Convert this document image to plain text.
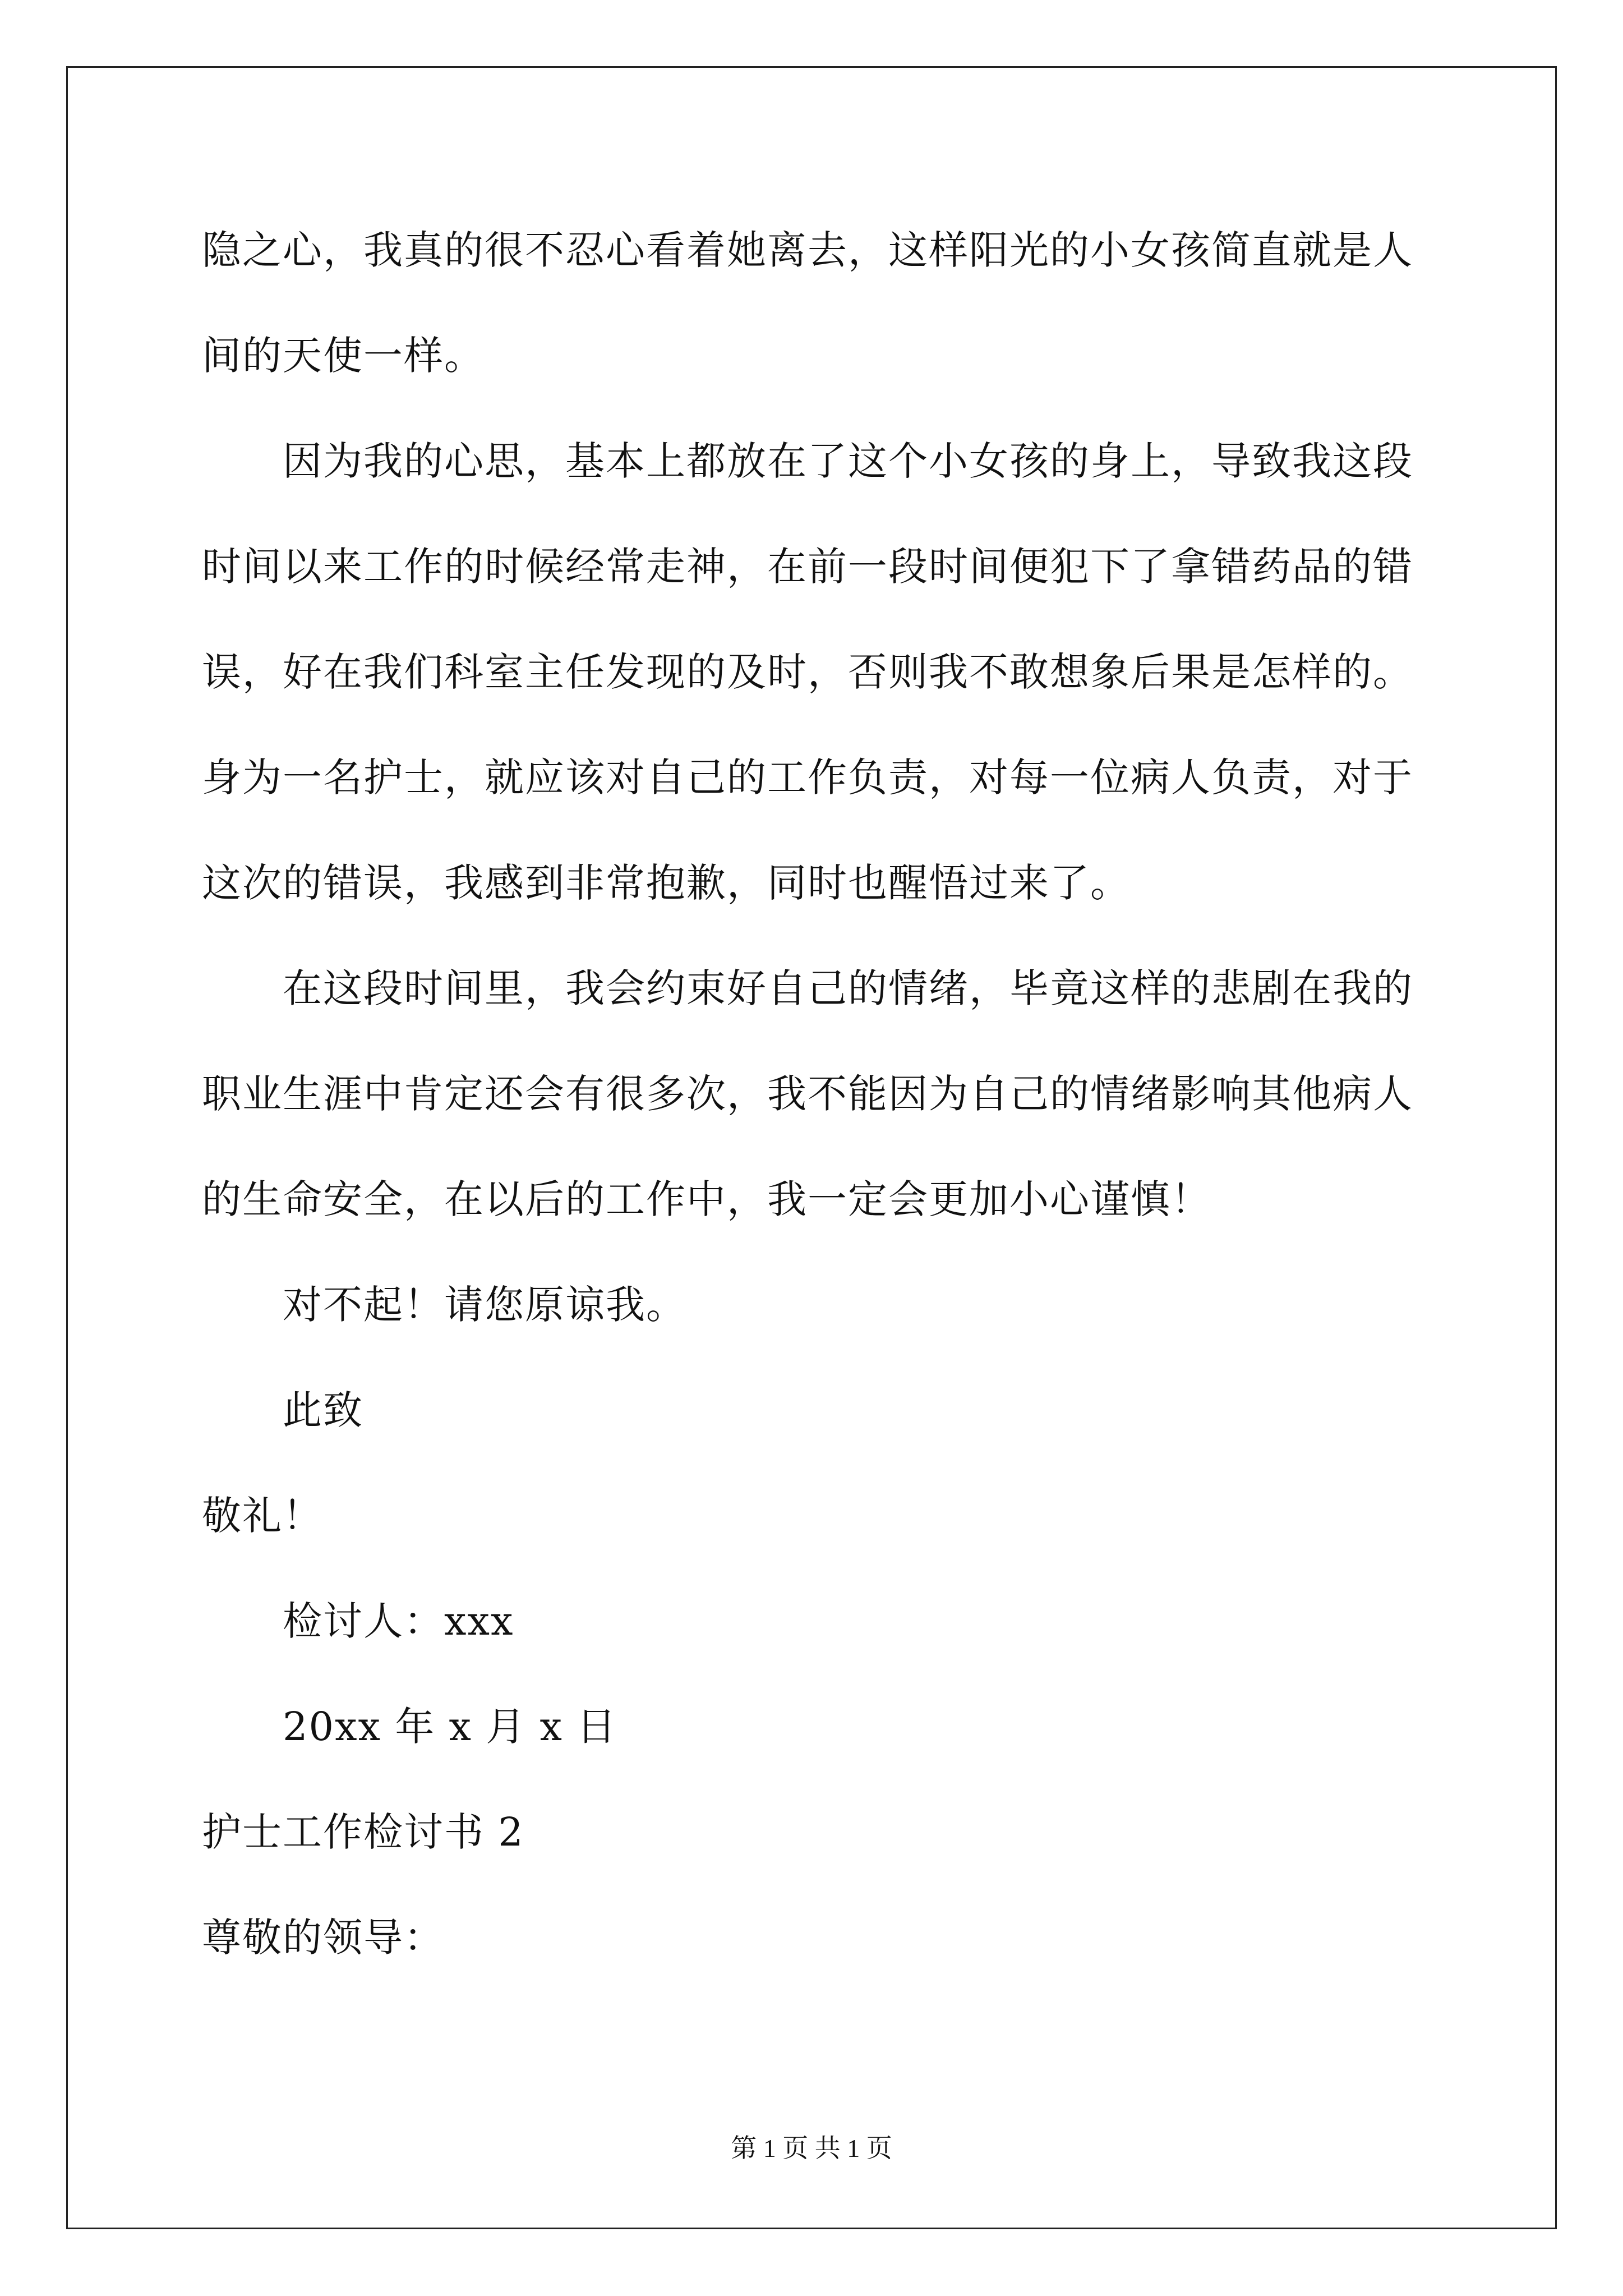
隐之心，我真的很不忍心看着她离去，这样阳光的小女孩简直就是人
间的天使一样。
因为我的心思，基本上都放在了这个小女孩的身上，导致我这段
时间以来工作的时候经常走神，在前一段时间便犯下了拿错药品的错
误，好在我们科室主任发现的及时，否则我不敢想象后果是怎样的。
身为一名护士，就应该对自己的工作负责，对每一位病人负责，对于
这次的错误，我感到非常抱歉，同时也醒悟过来了。
在这段时间里，我会约束好自己的情绪，毕竟这样的悲剧在我的
职业生涯中肯定还会有很多次，我不能因为自己的情绪影响其他病人
的生命安全，在以后的工作中，我一定会更加小心谨慎！
对不起！请您原谅我。
此致
敬礼！
检讨人：xxx
20xx 年 x 月 x 日
护士工作检讨书 2
尊敬的领导：
第 1 页 共 1 页
